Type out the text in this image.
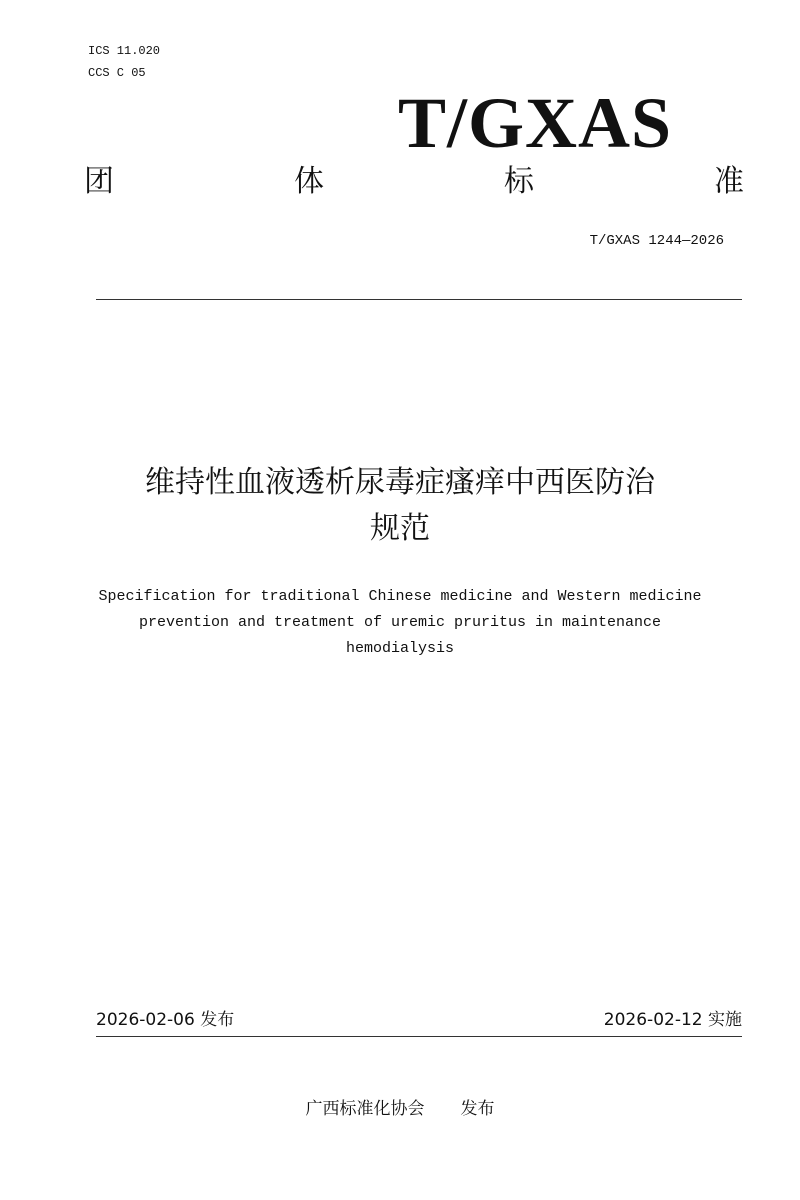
ICS 11.020
CCS C 05
T/GXAS
团	体	标	准
T/GXAS 1244—2026
维持性血液透析尿毒症瘙痒中西医防治
规范
Specification for traditional Chinese medicine and Western medicine
prevention and treatment of uremic pruritus in maintenance
hemodialysis
2026-02-06 发布	2026-02-12 实施
广西标准化协会 发布
